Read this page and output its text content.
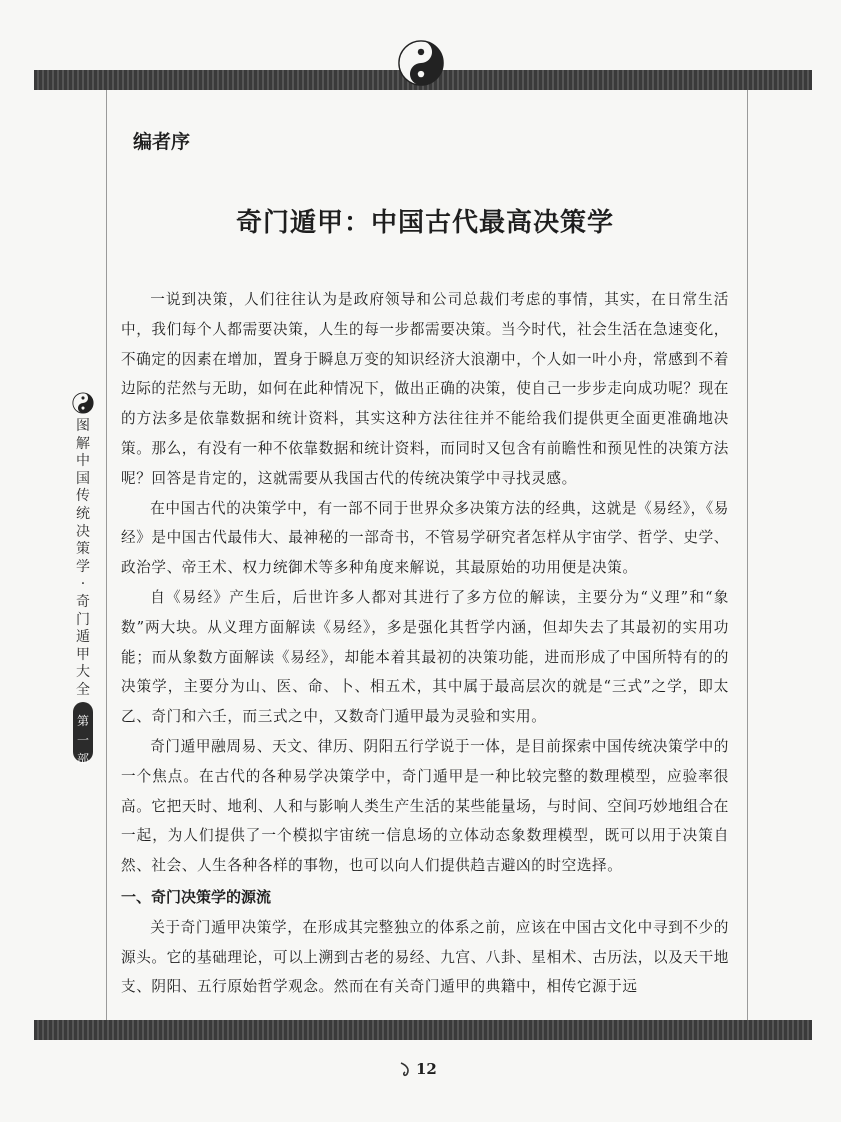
编者序
奇门遁甲：中国古代最高决策学

一说到决策，人们往往认为是政府领导和公司总裁们考虑的事情，其实，在日常生活中，我们每个人都需要决策，人生的每一步都需要决策。当今时代，社会生活在急速变化，不确定的因素在增加，置身于瞬息万变的知识经济大浪潮中，个人如一叶小舟，常感到不着边际的茫然与无助，如何在此种情况下，做出正确的决策，使自己一步步走向成功呢？现在的方法多是依靠数据和统计资料，其实这种方法往往并不能给我们提供更全面更准确地决策。那么，有没有一种不依靠数据和统计资料，而同时又包含有前瞻性和预见性的决策方法呢？回答是肯定的，这就需要从我国古代的传统决策学中寻找灵感。

在中国古代的决策学中，有一部不同于世界众多决策方法的经典，这就是《易经》，《易经》是中国古代最伟大、最神秘的一部奇书，不管易学研究者怎样从宇宙学、哲学、史学、政治学、帝王术、权力统御术等多种角度来解说，其最原始的功用便是决策。

自《易经》产生后，后世许多人都对其进行了多方位的解读，主要分为“义理”和“象数”两大块。从义理方面解读《易经》，多是强化其哲学内涵，但却失去了其最初的实用功能；而从象数方面解读《易经》，却能本着其最初的决策功能，进而形成了中国所特有的的决策学，主要分为山、医、命、卜、相五术，其中属于最高层次的就是“三式”之学，即太乙、奇门和六壬，而三式之中，又数奇门遁甲最为灵验和实用。

奇门遁甲融周易、天文、律历、阴阳五行学说于一体，是目前探索中国传统决策学中的一个焦点。在古代的各种易学决策学中，奇门遁甲是一种比较完整的数理模型，应验率很高。它把天时、地利、人和与影响人类生产生活的某些能量场，与时间、空间巧妙地组合在一起，为人们提供了一个模拟宇宙统一信息场的立体动态象数理模型，既可以用于决策自然、社会、人生各种各样的事物，也可以向人们提供趋吉避凶的时空选择。

一、奇门决策学的源流

关于奇门遁甲决策学，在形成其完整独立的体系之前，应该在中国古文化中寻到不少的源头。它的基础理论，可以上溯到古老的易经、九宫、八卦、星相术、古历法，以及天干地支、阴阳、五行原始哲学观念。然而在有关奇门遁甲的典籍中，相传它源于远

图解中国传统决策学·奇门遁甲大全
第一部
12
